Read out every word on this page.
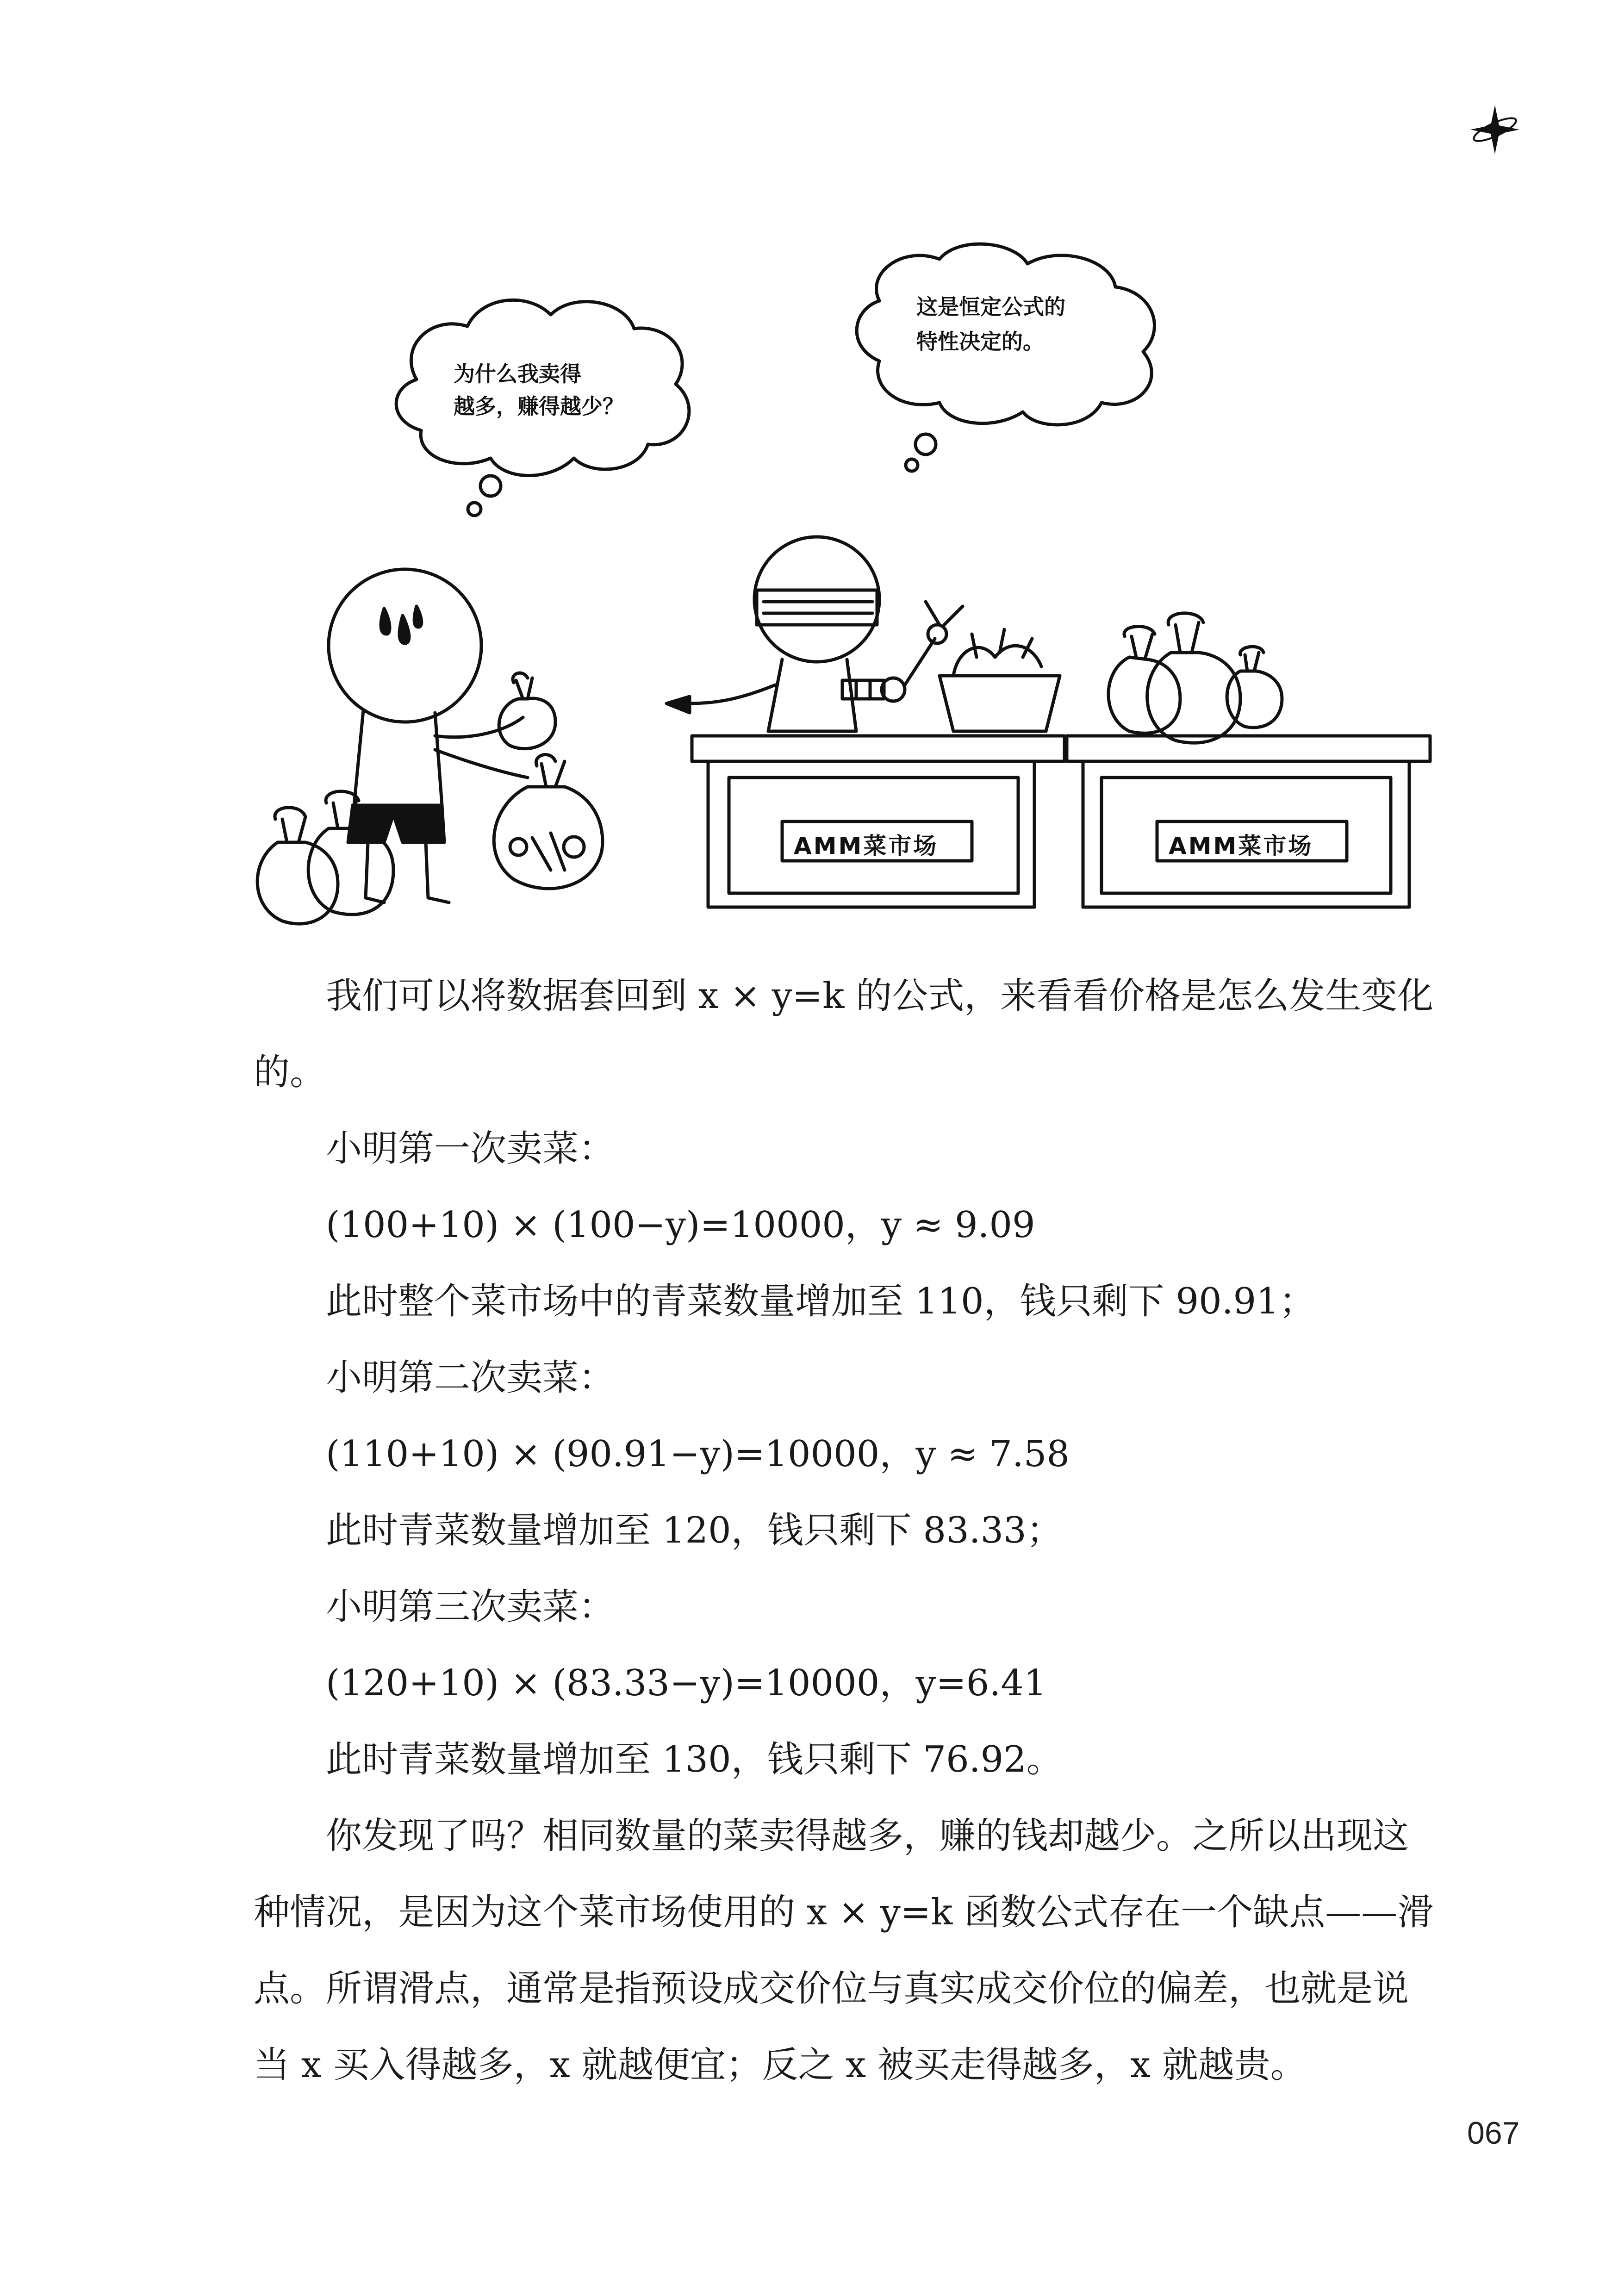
为什么我卖得
越多，赚得越少？
这是恒定公式的
特性决定的。
AMM菜市场	AMM菜市场

我们可以将数据套回到 x × y=k 的公式，来看看价格是怎么发生变化的。

小明第一次卖菜：

(100+10) × (100−y)=10000，y ≈ 9.09

此时整个菜市场中的青菜数量增加至 110，钱只剩下 90.91；

小明第二次卖菜：

(110+10) × (90.91−y)=10000，y ≈ 7.58

此时青菜数量增加至 120，钱只剩下 83.33；

小明第三次卖菜：

(120+10) × (83.33−y)=10000，y=6.41

此时青菜数量增加至 130，钱只剩下 76.92。

你发现了吗？相同数量的菜卖得越多，赚的钱却越少。之所以出现这种情况，是因为这个菜市场使用的 x × y=k 函数公式存在一个缺点——滑点。所谓滑点，通常是指预设成交价位与真实成交价位的偏差，也就是说当 x 买入得越多，x 就越便宜；反之 x 被买走得越多，x 就越贵。

067
